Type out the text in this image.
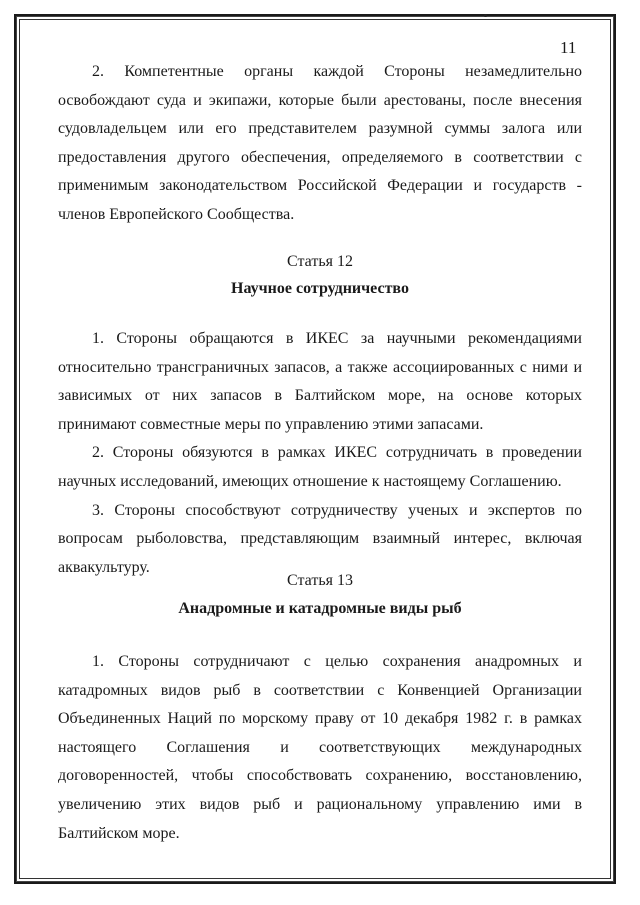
11

2. Компетентные органы каждой Стороны незамедлительно освобождают суда и экипажи, которые были арестованы, после внесения судовладельцем или его представителем разумной суммы залога или предоставления другого обеспечения, определяемого в соответствии с применимым законодательством Российской Федерации и государств - членов Европейского Сообщества.

Статья 12
Научное сотрудничество

1. Стороны обращаются в ИКЕС за научными рекомендациями относительно трансграничных запасов, а также ассоциированных с ними и зависимых от них запасов в Балтийском море, на основе которых принимают совместные меры по управлению этими запасами.

2. Стороны обязуются в рамках ИКЕС сотрудничать в проведении научных исследований, имеющих отношение к настоящему Соглашению.

3. Стороны способствуют сотрудничеству ученых и экспертов по вопросам рыболовства, представляющим взаимный интерес, включая аквакультуру.

Статья 13
Анадромные и катадромные виды рыб

1. Стороны сотрудничают с целью сохранения анадромных и катадромных видов рыб в соответствии с Конвенцией Организации Объединенных Наций по морскому праву от 10 декабря 1982 г. в рамках настоящего Соглашения и соответствующих международных договоренностей, чтобы способствовать сохранению, восстановлению, увеличению этих видов рыб и рациональному управлению ими в Балтийском море.
